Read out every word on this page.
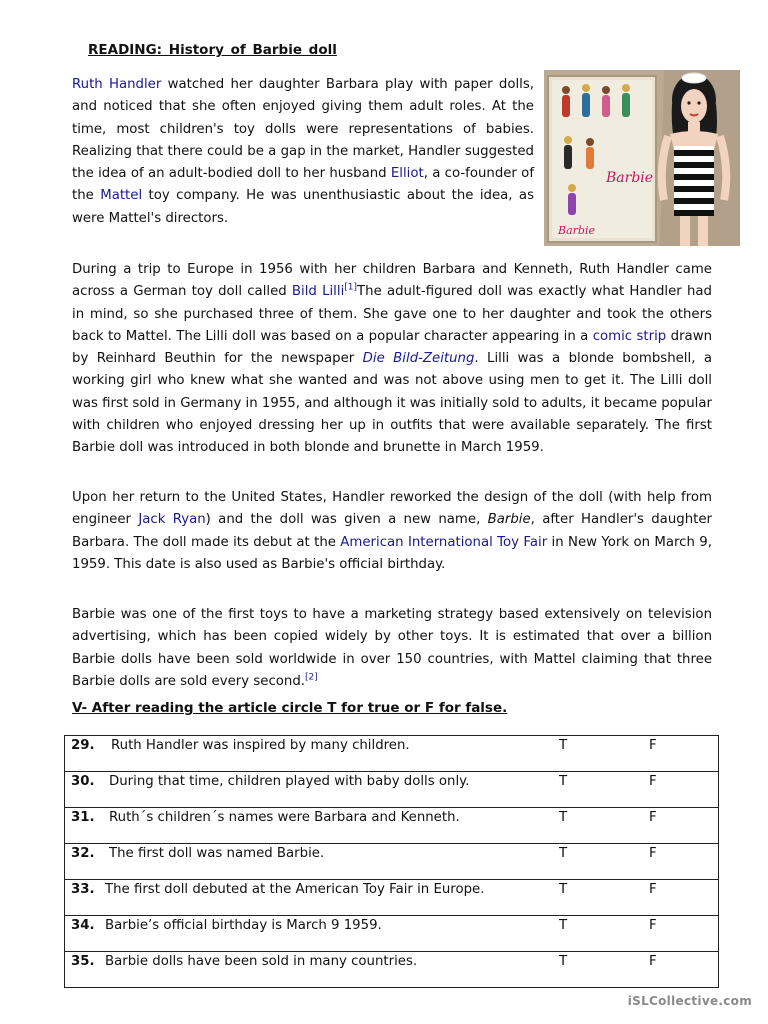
READING: History of Barbie doll

Ruth Handler watched her daughter Barbara play with paper dolls, and noticed that she often enjoyed giving them adult roles. At the time, most children's toy dolls were representations of babies. Realizing that there could be a gap in the market, Handler suggested the idea of an adult-bodied doll to her husband Elliot, a co-founder of the Mattel toy company. He was unenthusiastic about the idea, as were Mattel's directors.

Barbie
Barbie

During a trip to Europe in 1956 with her children Barbara and Kenneth, Ruth Handler came across a German toy doll called Bild Lilli[1]The adult-figured doll was exactly what Handler had in mind, so she purchased three of them. She gave one to her daughter and took the others back to Mattel. The Lilli doll was based on a popular character appearing in a comic strip drawn by Reinhard Beuthin for the newspaper Die Bild-Zeitung. Lilli was a blonde bombshell, a working girl who knew what she wanted and was not above using men to get it. The Lilli doll was first sold in Germany in 1955, and although it was initially sold to adults, it became popular with children who enjoyed dressing her up in outfits that were available separately. The first Barbie doll was introduced in both blonde and brunette in March 1959.

Upon her return to the United States, Handler reworked the design of the doll (with help from engineer Jack Ryan) and the doll was given a new name, Barbie, after Handler's daughter Barbara. The doll made its debut at the American International Toy Fair in New York on March 9, 1959. This date is also used as Barbie's official birthday.

Barbie was one of the first toys to have a marketing strategy based extensively on television advertising, which has been copied widely by other toys. It is estimated that over a billion Barbie dolls have been sold worldwide in over 150 countries, with Mattel claiming that three Barbie dolls are sold every second.[2]

V- After reading the article circle T for true or F for false.
29. Ruth Handler was inspired by many children.	T	F

30. During that time, children played with baby dolls only.	T	F

31. Ruth´s children´s names were Barbara and Kenneth.	T	F

32. The first doll was named Barbie.	T	F

33. The first doll debuted at the American Toy Fair in Europe.	T	F

34. Barbie’s official birthday is March 9 1959.	T	F

35. Barbie dolls have been sold in many countries.	T	F
iSLCollective.com
